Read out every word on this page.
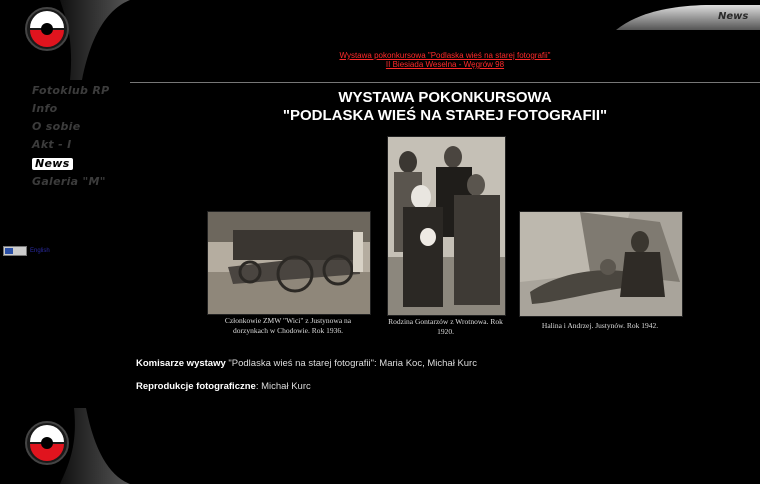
Fotoklub RP
Info
O sobie
Akt - I
News
Galeria "M"
English
News
Wystawa pokonkursowa "Podlaska wieś na starej fotografii"
II Biesiada Weselna - Węgrów 98
WYSTAWA POKONKURSOWA
"PODLASKA WIEŚ NA STAREJ FOTOGRAFII"
Członkowie ZMW "Wici" z Justynowa na dorzynkach w Chodowie. Rok 1936.
Rodzina Gontarzów z Wrotnowa. Rok 1920.
Halina i Andrzej. Justynów. Rok 1942.
Komisarze wystawy "Podlaska wieś na starej fotografii": Maria Koc, Michał Kurc
Reprodukcje fotograficzne: Michał Kurc
